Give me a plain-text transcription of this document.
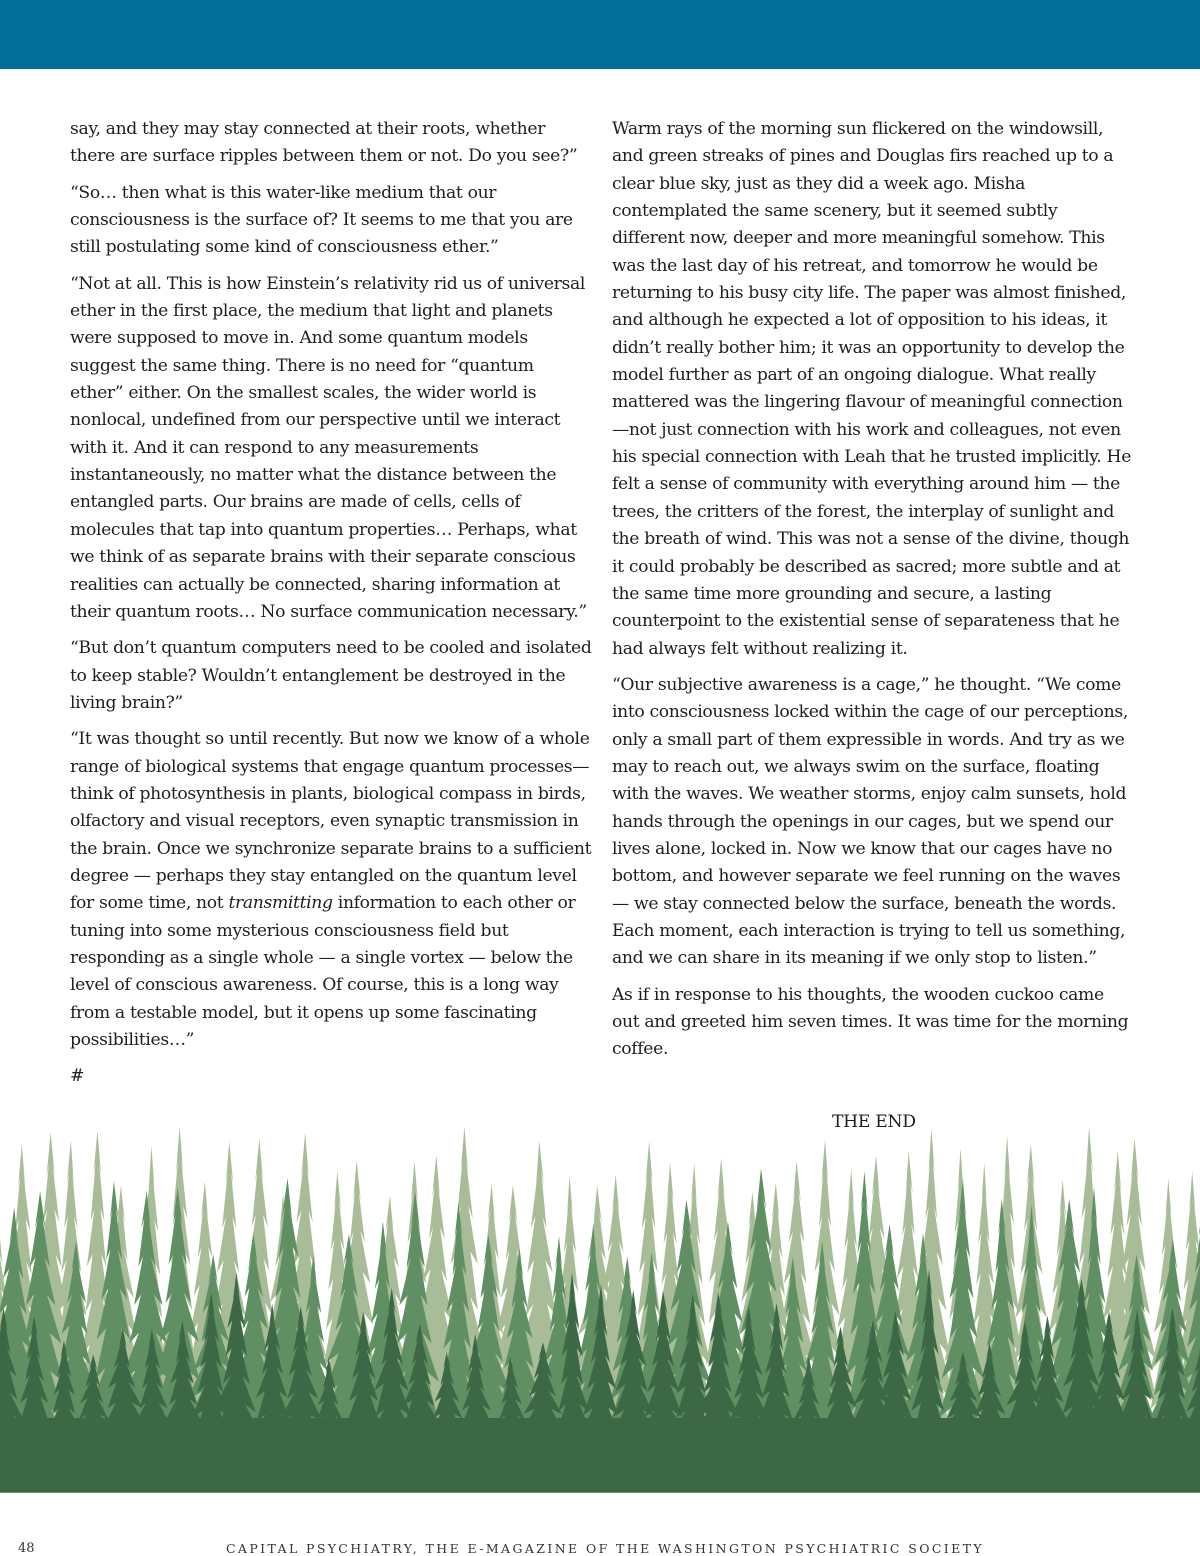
say, and they may stay connected at their roots, whether there are surface ripples between them or not. Do you see?”

“So… then what is this water-like medium that our consciousness is the surface of? It seems to me that you are still postulating some kind of consciousness ether.”

“Not at all. This is how Einstein’s relativity rid us of universal ether in the first place, the medium that light and planets were supposed to move in. And some quantum models suggest the same thing. There is no need for “quantum ether” either. On the smallest scales, the wider world is nonlocal, undefined from our perspective until we interact with it. And it can respond to any measurements instantaneously, no matter what the distance between the entangled parts. Our brains are made of cells, cells of molecules that tap into quantum properties… Perhaps, what we think of as separate brains with their separate conscious realities can actually be connected, sharing information at their quantum roots… No surface communication necessary.”

“But don’t quantum computers need to be cooled and isolated to keep stable? Wouldn’t entanglement be destroyed in the living brain?”

“It was thought so until recently. But now we know of a whole range of biological systems that engage quantum processes—think of photosynthesis in plants, biological compass in birds, olfactory and visual receptors, even synaptic transmission in the brain. Once we synchronize separate brains to a sufficient degree — perhaps they stay entangled on the quantum level for some time, not transmitting information to each other or tuning into some mysterious consciousness field but responding as a single whole — a single vortex — below the level of conscious awareness. Of course, this is a long way from a testable model, but it opens up some fascinating possibilities…”

#

Warm rays of the morning sun flickered on the windowsill, and green streaks of pines and Douglas firs reached up to a clear blue sky, just as they did a week ago. Misha contemplated the same scenery, but it seemed subtly different now, deeper and more meaningful somehow. This was the last day of his retreat, and tomorrow he would be returning to his busy city life. The paper was almost finished, and although he expected a lot of opposition to his ideas, it didn’t really bother him; it was an opportunity to develop the model further as part of an ongoing dialogue. What really mattered was the lingering flavour of meaningful connection—not just connection with his work and colleagues, not even his special connection with Leah that he trusted implicitly. He felt a sense of community with everything around him — the trees, the critters of the forest, the interplay of sunlight and the breath of wind. This was not a sense of the divine, though it could probably be described as sacred; more subtle and at the same time more grounding and secure, a lasting counterpoint to the existential sense of separateness that he had always felt without realizing it.

“Our subjective awareness is a cage,” he thought. “We come into consciousness locked within the cage of our perceptions, only a small part of them expressible in words. And try as we may to reach out, we always swim on the surface, floating with the waves. We weather storms, enjoy calm sunsets, hold hands through the openings in our cages, but we spend our lives alone, locked in. Now we know that our cages have no bottom, and however separate we feel running on the waves — we stay connected below the surface, beneath the words. Each moment, each interaction is trying to tell us something, and we can share in its meaning if we only stop to listen.”

As if in response to his thoughts, the wooden cuckoo came out and greeted him seven times. It was time for the morning coffee.

THE END
48	CAPITAL PSYCHIATRY, THE E-MAGAZINE OF THE WASHINGTON PSYCHIATRIC SOCIETY
